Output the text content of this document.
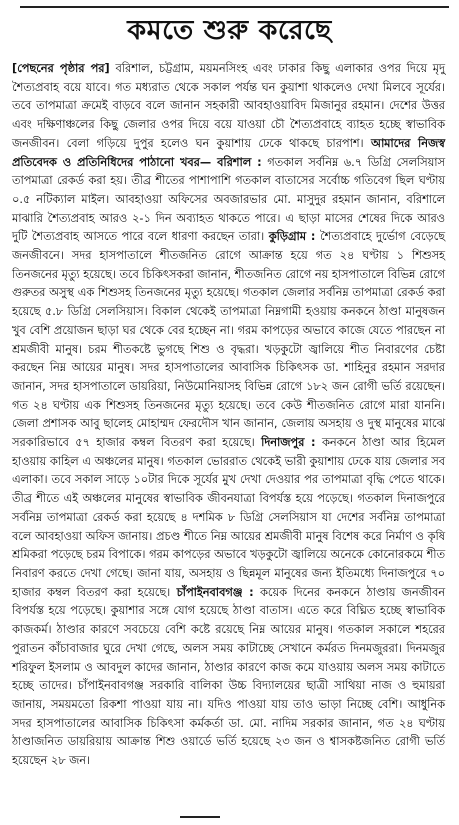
কমতে শুরু করেছে

[পেছনের পৃষ্ঠার পর] বরিশাল, চট্টগ্রাম, ময়মনসিংহ এবং ঢাকার কিছু এলাকার ওপর দিয়ে মৃদু শৈত্যপ্রবাহ বয়ে যাবে। গত মধ্যরাত থেকে সকাল পর্যন্ত ঘন কুয়াশা থাকলেও দেখা মিলবে সূর্যের। তবে তাপমাত্রা ক্রমেই বাড়বে বলে জানান সহকারী আবহাওয়াবিদ মিজানুর রহমান। দেশের উত্তর এবং দক্ষিণাঞ্চলের কিছু জেলার ওপর দিয়ে বয়ে যাওয়া চৌ শৈত্যপ্রবাহে ব্যাহত হচ্ছে স্বাভাবিক জনজীবন। বেলা গড়িয়ে দুপুর হলেও ঘন কুয়াশায় ঢেকে থাকছে চারপাশ। আমাদের নিজস্ব প্রতিবেদক ও প্রতিনিধিদের পাঠানো খবর— বরিশাল : গতকাল সর্বনিম্ন ৬.৭ ডিগ্রি সেলসিয়াস তাপমাত্রা রেকর্ড করা হয়। তীব্র শীতের পাশাপাশি গতকাল বাতাসের সর্বোচ্চ গতিবেগ ছিল ঘণ্টায় ০.৫ নটিক্যাল মাইল। আবহাওয়া অফিসের অবজারভার মো. মাসুদুর রহমান জানান, বরিশালে মাঝারি শৈত্যপ্রবাহ আরও ২-১ দিন অব্যাহত থাকতে পারে। এ ছাড়া মাসের শেষের দিকে আরও দুটি শৈত্যপ্রবাহ আসতে পারে বলে ধারণা করছেন তারা। কুড়িগ্রাম : শৈত্যপ্রবাহে দুর্ভোগ বেড়েছে জনজীবনে। সদর হাসপাতালে শীতজনিত রোগে আক্রান্ত হয়ে গত ২৪ ঘণ্টায় ১ শিশুসহ তিনজনের মৃত্যু হয়েছে। তবে চিকিৎসকরা জানান, শীতজনিত রোগে নয় হাসপাতালে বিভিন্ন রোগে গুরুতর অসুস্থ এক শিশুসহ তিনজনের মৃত্যু হয়েছে। গতকাল জেলার সর্বনিম্ন তাপমাত্রা রেকর্ড করা হয়েছে ৫.৮ ডিগ্রি সেলসিয়াস। বিকাল থেকেই তাপমাত্রা নিম্নগামী হওয়ায় কনকনে ঠাণ্ডা মানুষজন খুব বেশি প্রয়োজন ছাড়া ঘর থেকে বের হচ্ছেন না। গরম কাপড়ের অভাবে কাজে যেতে পারছেন না শ্রমজীবী মানুষ। চরম শীতকষ্টে ভুগছে শিশু ও বৃদ্ধরা। খড়কুটো জ্বালিয়ে শীত নিবারণের চেষ্টা করছেন নিম্ন আয়ের মানুষ। সদর হাসপাতালের আবাসিক চিকিৎসক ডা. শাহিনুর রহমান সরদার জানান, সদর হাসপাতালে ডায়রিয়া, নিউমোনিয়াসহ বিভিন্ন রোগে ১৮২ জন রোগী ভর্তি রয়েছেন। গত ২৪ ঘণ্টায় এক শিশুসহ তিনজনের মৃত্যু হয়েছে। তবে কেউ শীতজনিত রোগে মারা যাননি। জেলা প্রশাসক আবু ছালেহ মোহাম্মদ ফেরদৌস খান জানান, জেলায় অসহায় ও দুস্থ মানুষের মাঝে সরকারিভাবে ৫৭ হাজার কম্বল বিতরণ করা হয়েছে। দিনাজপুর : কনকনে ঠাণ্ডা আর হিমেল হাওয়ায় কাহিল এ অঞ্চলের মানুষ। গতকাল ভোররাত থেকেই ভারী কুয়াশায় ঢেকে যায় জেলার সব এলাকা। তবে সকাল সাড়ে ১০টার দিকে সূর্যের মুখ দেখা দেওয়ার পর তাপমাত্রা বৃদ্ধি পেতে থাকে। তীব্র শীতে এই অঞ্চলের মানুষের স্বাভাবিক জীবনযাত্রা বিপর্যস্ত হয়ে পড়েছে। গতকাল দিনাজপুরে সর্বনিম্ন তাপমাত্রা রেকর্ড করা হয়েছে ৪ দশমিক ৮ ডিগ্রি সেলসিয়াস যা দেশের সর্বনিম্ন তাপমাত্রা বলে আবহাওয়া অফিস জানায়। প্রচণ্ড শীতে নিম্ন আয়ের শ্রমজীবী মানুষ বিশেষ করে নির্মাণ ও কৃষি শ্রমিকরা পড়েছে চরম বিপাকে। গরম কাপড়ের অভাবে খড়কুটো জ্বালিয়ে অনেকে কোনোরকমে শীত নিবারণ করতে দেখা গেছে। জানা যায়, অসহায় ও ছিন্নমূল মানুষের জন্য ইতিমধ্যে দিনাজপুরে ৭০ হাজার কম্বল বিতরণ করা হয়েছে। চাঁপাইনবাবগঞ্জ : কয়েক দিনের কনকনে ঠাণ্ডায় জনজীবন বিপর্যস্ত হয়ে পড়েছে। কুয়াশার সঙ্গে যোগ হয়েছে ঠাণ্ডা বাতাস। এতে করে বিঘ্নিত হচ্ছে স্বাভাবিক কাজকর্ম। ঠাণ্ডার কারণে সবচেয়ে বেশি কষ্টে রয়েছে নিম্ন আয়ের মানুষ। গতকাল সকালে শহরের পুরাতন কাঁচাবাজার ঘুরে দেখা গেছে, অলস সময় কাটাচ্ছে সেখানে কর্মরত দিনমজুররা। দিনমজুর শরিফুল ইসলাম ও আবদুল কাদের জানান, ঠাণ্ডার কারণে কাজ কমে যাওয়ায় অলস সময় কাটাতে হচ্ছে তাদের। চাঁপাইনবাবগঞ্জ সরকারি বালিকা উচ্চ বিদ্যালয়ের ছাত্রী সাথিয়া নাজ ও হুমায়রা জানায়, সময়মতো রিকশা পাওয়া যায় না। যদিও পাওয়া যায় তাও ভাড়া নিচ্ছে বেশি। আধুনিক সদর হাসপাতালের আবাসিক চিকিৎসা কর্মকর্তা ডা. মো. নাদিম সরকার জানান, গত ২৪ ঘণ্টায় ঠাণ্ডাজনিত ডায়রিয়ায় আক্রান্ত শিশু ওয়ার্ডে ভর্তি হয়েছে ২৩ জন ও শ্বাসকষ্টজনিত রোগী ভর্তি হয়েছেন ২৮ জন।
